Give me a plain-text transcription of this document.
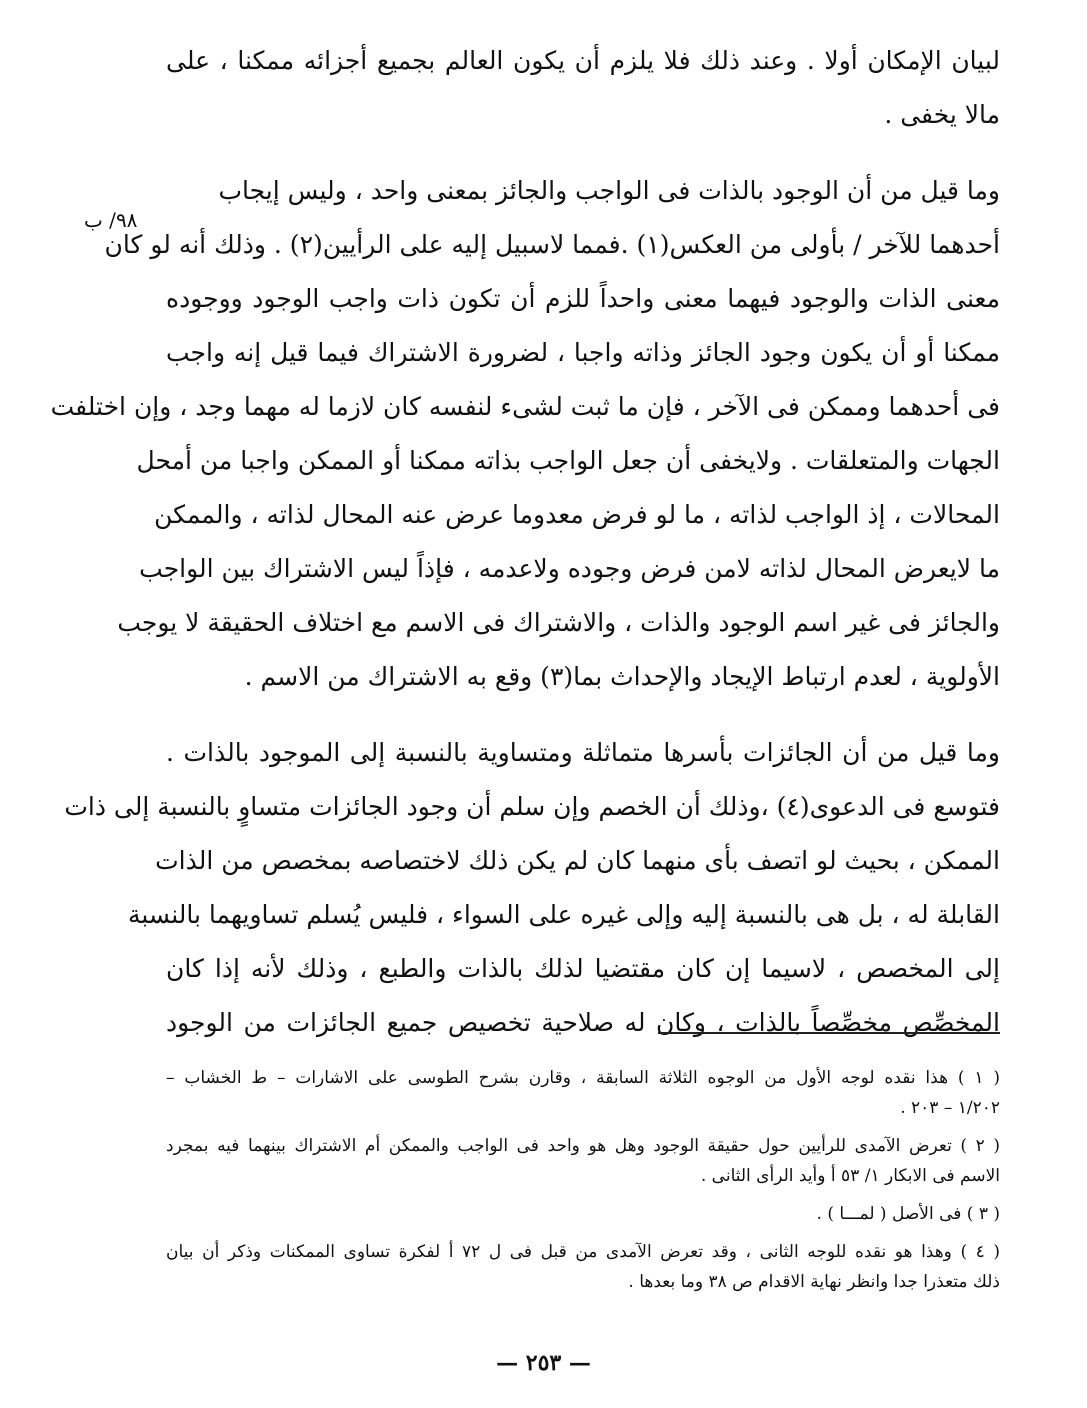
لبيان الإمكان أولا . وعند ذلك فلا يلزم أن يكون العالم بجميع أجزائه ممكنا ، على
مالا يخفى .
وما قيل من أن الوجود بالذات فى الواجب والجائز بمعنى واحد ، وليس إيجاب
أحدهما للآخر / بأولى من العكس(١) .فمما لاسبيل إليه على الرأيين(٢) . وذلك أنه لو كان
معنى الذات والوجود فيهما معنى واحداً للزم أن تكون ذات واجب الوجود ووجوده
ممكنا أو أن يكون وجود الجائز وذاته واجبا ، لضرورة الاشتراك فيما قيل إنه واجب
فى أحدهما وممكن فى الآخر ، فإن ما ثبت لشىء لنفسه كان لازما له مهما وجد ، وإن اختلفت
الجهات والمتعلقات . ولايخفى أن جعل الواجب بذاته ممكنا أو الممكن واجبا من أمحل
المحالات ، إذ الواجب لذاته ، ما لو فرض معدوما عرض عنه المحال لذاته ، والممكن
ما لايعرض المحال لذاته لامن فرض وجوده ولاعدمه ، فإذاً ليس الاشتراك بين الواجب
والجائز فى غير اسم الوجود والذات ، والاشتراك فى الاسم مع اختلاف الحقيقة لا يوجب
الأولوية ، لعدم ارتباط الإيجاد والإحداث بما(٣) وقع به الاشتراك من الاسم .
وما قيل من أن الجائزات بأسرها متماثلة ومتساوية بالنسبة إلى الموجود بالذات .
فتوسع فى الدعوى(٤) ،وذلك أن الخصم وإن سلم أن وجود الجائزات متساوٍ بالنسبة إلى ذات
الممكن ، بحيث لو اتصف بأى منهما كان لم يكن ذلك لاختصاصه بمخصص من الذات
القابلة له ، بل هى بالنسبة إليه وإلى غيره على السواء ، فليس يُسلم تساويهما بالنسبة
إلى المخصص ، لاسيما إن كان مقتضيا لذلك بالذات والطبع ، وذلك لأنه إذا كان
المخصِّص مخصِّصاً بالذات ، وكان له صلاحية تخصيص جميع الجائزات من الوجود
٩٨/ ب
( ١ ) هذا نقده لوجه الأول من الوجوه الثلاثة السابقة ، وقارن بشرح الطوسى على الاشارات – ط الخشاب –
١/٢٠٢ – ٢٠٣ .
( ٢ ) تعرض الآمدى للرأيين حول حقيقة الوجود وهل هو واحد فى الواجب والممكن أم الاشتراك بينهما فيه بمجرد
الاسم فى الابكار ١/ ٥٣ أ وأيد الرأى الثانى .
( ٣ ) فى الأصل ( لمـــا ) .
( ٤ ) وهذا هو نقده للوجه الثانى ، وقد تعرض الآمدى من قبل فى ل ٧٢ أ لفكرة تساوى الممكنات وذكر أن بيان
ذلك متعذرا جدا وانظر نهاية الاقدام ص ٣٨ وما بعدها .
— ٢٥٣ —
